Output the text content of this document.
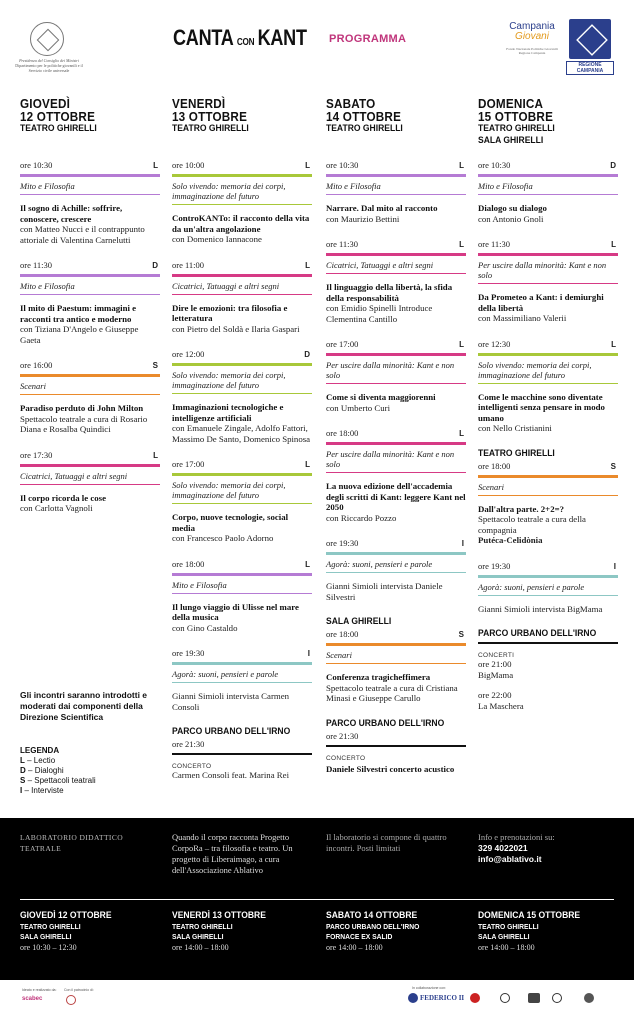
Presidenza del Consiglio dei Ministri
Dipartimento per le politiche giovanili e il Servizio civile universale
CANTA CON KANT PROGRAMMA
Campania
Giovani
Fondo Nazionale Politiche Giovanili Regione Campania
REGIONE CAMPANIA
GIOVEDÌ
12 OTTOBRE
TEATRO GHIRELLI
ore 10:30	L
Mito e Filosofia
Il sogno di Achille: soffrire, conoscere, crescere
con Matteo Nucci e il contrappunto attoriale di Valentina Carnelutti
ore 11:30	D
Mito e Filosofia
Il mito di Paestum: immagini e racconti tra antico e moderno
con Tiziana D'Angelo e Giuseppe Gaeta
ore 16:00	S
Scenari
Paradiso perduto di John Milton
Spettacolo teatrale a cura di Rosario Diana e Rosalba Quindici
ore 17:30	L
Cicatrici, Tatuaggi e altri segni
Il corpo ricorda le cose
con Carlotta Vagnoli
Gli incontri saranno introdotti e moderati dai componenti della Direzione Scientifica
LEGENDA
L – Lectio
D – Dialoghi
S – Spettacoli teatrali
I – Interviste
VENERDÌ
13 OTTOBRE
TEATRO GHIRELLI
ore 10:00	L
Solo vivendo: memoria dei corpi, immaginazione del futuro
ControKANTo: il racconto della vita da un'altra angolazione
con Domenico Iannacone
ore 11:00	L
Cicatrici, Tatuaggi e altri segni
Dire le emozioni: tra filosofia e letteratura
con Pietro del Soldà e Ilaria Gaspari
ore 12:00	D
Solo vivendo: memoria dei corpi, immaginazione del futuro
Immaginazioni tecnologiche e intelligenze artificiali
con Emanuele Zingale, Adolfo Fattori, Massimo De Santo, Domenico Spinosa
ore 17:00	L
Solo vivendo: memoria dei corpi, immaginazione del futuro
Corpo, nuove tecnologie, social media
con Francesco Paolo Adorno
ore 18:00	L
Mito e Filosofia
Il lungo viaggio di Ulisse nel mare della musica
con Gino Castaldo
ore 19:30	I
Agorà: suoni, pensieri e parole
Gianni Simioli intervista Carmen Consoli
PARCO URBANO DELL'IRNO
ore 21:30
CONCERTO
Carmen Consoli feat. Marina Rei
SABATO
14 OTTOBRE
TEATRO GHIRELLI
ore 10:30	L
Mito e Filosofia
Narrare. Dal mito al racconto
con Maurizio Bettini
ore 11:30	L
Cicatrici, Tatuaggi e altri segni
Il linguaggio della libertà, la sfida della responsabilità
con Emidio Spinelli Introduce Clementina Cantillo
ore 17:00	L
Per uscire dalla minorità: Kant e non solo
Come si diventa maggiorenni
con Umberto Curi
ore 18:00	L
Per uscire dalla minorità: Kant e non solo
La nuova edizione dell'accademia degli scritti di Kant: leggere Kant nel 2050
con Riccardo Pozzo
ore 19:30	I
Agorà: suoni, pensieri e parole
Gianni Simioli intervista Daniele Silvestri
SALA GHIRELLI
ore 18:00	S
Scenari
Conferenza tragicheffimera
Spettacolo teatrale a cura di Cristiana Minasi e Giuseppe Carullo
PARCO URBANO DELL'IRNO
ore 21:30
CONCERTO
Daniele Silvestri concerto acustico
DOMENICA
15 OTTOBRE
TEATRO GHIRELLI
SALA GHIRELLI
ore 10:30	D
Mito e Filosofia
Dialogo su dialogo
con Antonio Gnoli
ore 11:30	L
Per uscire dalla minorità: Kant e non solo
Da Prometeo a Kant: i demiurghi della libertà
con Massimiliano Valerii
ore 12:30	L
Solo vivendo: memoria dei corpi, immaginazione del futuro
Come le macchine sono diventate intelligenti senza pensare in modo umano
con Nello Cristianini
TEATRO GHIRELLI
ore 18:00	S
Scenari
Dall'altra parte. 2+2=?
Spettacolo teatrale a cura della compagnia
Putéca-Celidònia
ore 19:30	I
Agorà: suoni, pensieri e parole
Gianni Simioli intervista BigMama
PARCO URBANO DELL'IRNO
CONCERTI
ore 21:00
BigMama
ore 22:00
La Maschera
LABORATORIO DIDATTICO TEATRALE
Quando il corpo racconta Progetto CorpoRa – tra filosofia e teatro. Un progetto di Liberaimago, a cura dell'Associazione Ablativo
Il laboratorio si compone di quattro incontri. Posti limitati
Info e prenotazioni su:
329 4022021
info@ablativo.it
GIOVEDÌ 12 OTTOBRE
TEATRO GHIRELLI
SALA GHIRELLI
ore 10:30 – 12:30
VENERDÌ 13 OTTOBRE
TEATRO GHIRELLI
SALA GHIRELLI
ore 14:00 – 18:00
SABATO 14 OTTOBRE
PARCO URBANO DELL'IRNO
FORNACE EX SALID
ore 14:00 – 18:00
DOMENICA 15 OTTOBRE
TEATRO GHIRELLI
SALA GHIRELLI
ore 14:00 – 18:00
Ideato e realizzato da:
scabec
Con il patrocinio di:	In collaborazione con:
FEDERICO II
